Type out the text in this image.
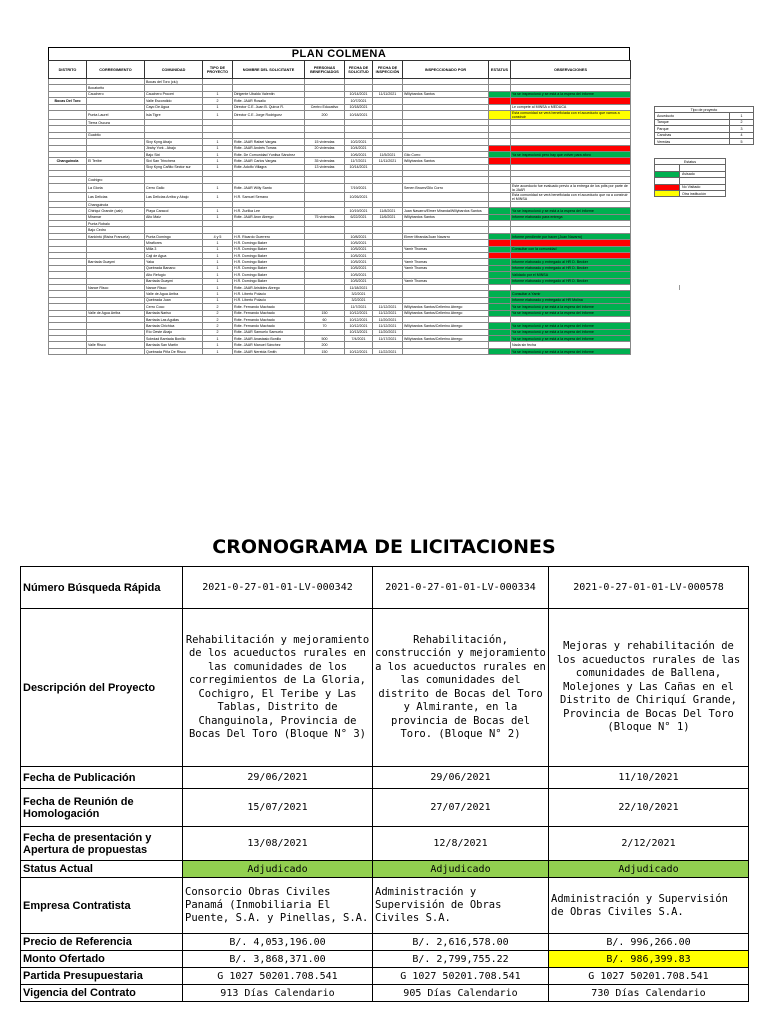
PLAN COLMENA
DISTRITO	CORREGIMIENTO	COMUNIDAD	TIPO DE PROYECTO	NOMBRE DEL SOLICITANTE	PERSONAS BENEFICIADOS	FECHA DE SOLICITUD	FECHA DE INSPECCIÓN	INSPECCIONADO POR	ESTATUS	OBSERVACIONES
		Bocas del Toro (ciu)								
	Bocatorito									
	Cauchero	Cauchero Proceri	1	Dirigente Ubaldo Valentin		10/14/2021	11/11/2021	Willybardos Santos		Ya se inspeccionó y se está a la espera del informe
Bocas Del Toro		Valle Escondido	2	Rdte. JAAR Rosalio		10/7/2021				
		Cayo De Agua	1	Director C.E. Juan B. Quiroz R.	Centro Educativo	10/18/2021				Le compete al MINSA o MEDUCA
	Punta Laurel	Isla Tigre	1	Director C.E. Jorge Rodriguez	200	10/18/2021				Esta comunidad se verá beneficiada con el acueducto que vamos a construir
	Tierra Oscura									

	Guabito									
		Sixy Kyng Abajo	1	Rdte. JAAR Rafael Vargas	15 viviendas	10/2/2021				
		Jirahy York - Abajo	1	Rdte. JAAR Andrés Tomas	20 viviendas	10/4/2021				
		Bajo Sixi	1	Rdte. De Comunidad Yunilsa Sánchez		10/6/2021	11/5/2021	Gilo Corro		Ya se inspeccionó pero hay que volver para aforo
Changuinola	El Teribe	Sixi San Trinchera	1	Rdte. JAAR Carlos Vargas	35 viviendas	11/7/2021	11/11/2021	Willybardos Santos		
		Sixy Kyng Cañito Sector sur	1	Rdte. Adolfo Villagra	13 viviendas	10/14/2021				

	Cochigro									
	La Gloria	Cerro Gallo	1	Rdte. JAAR Willy Santo		7/19/2021		Senen Brown/Gilo Corro		Este acueducto fue evaluado previo a la entrega de los pdts por parte de la JAAR
	Las Delicias	Las Delicias Arriba y Abajo	1	H.R. Samuel Serrano		10/26/2021				Esta comunidad se verá beneficiada con el acueducto que va a construir el MINSA
	Changuinola									
	Chiriquí Grande (cab)	Playa Caracol	1	H.R. Zurilka Lee		10/19/2021	11/8/2021	Juan Navarro/Elmer Miranda/Willybardos Santos		Ya se inspeccionó y se está a la espera del informe
	Miramar	Alto Maíz	1	Rdte. JAAR Aron Abrego	75 viviendas	6/22/2021	11/6/2021	Willybardos Santos		Informe elaborado para entrega
	Punta Robalo									
	Bajo Cedro									
	Kankintú (Bisira Franuela)	Punta Domingo	4 y 5	H.R. Ricardo Guerrero		10/8/2021		Elmer Miranda/Juan Navarro		Informe pendiente por hacer (Juan Navarro)
		Miraflores	1	H.R. Domingo Baker		10/5/2021				
		Milla 3	1	H.R. Domingo Baker		10/5/2021		Yamir Thomas		Consultar con la comunidad
		Caji de Agua	1	H.R. Domingo Baker		10/5/2021				
	Barriada Guaymí	Yaka	1	H.R. Domingo Baker		10/5/2021		Yamir Thomas		Informe elaborado y entregado al HR D. Becker
		Quebrada Banano	1	H.R. Domingo Baker		10/5/2021		Yamir Thomas		Informe elaborado y entregado al HR D. Becker
		Alto Refugio	1	H.R. Domingo Baker		10/5/2021				Validado por el MINSA
		Barriada Guaymí	1	H.R. Domingo Baker		10/5/2021		Yamir Thomas		Informe elaborado y entregado al HR D. Becker
	Nance Risco	Nance Risco	1	Rdte. JAAR Aristides Abrego		11/18/2021				
		Valle de Agua Arriba	1	H.R. Liberto Polacio		3/2/2021				Consultar a Yamir
		Quebrada Juan	1	H.R. Liberto Polacio		3/2/2021				Informe elaborado y entregado al HR Molina
		Cerro Coco	2	Rdte. Fernando Machado		11/7/2021	11/12/2021	Willybardos Santos/Cellerino Abrego		Ya se inspeccionó y se está a la espera del informe
	Valle de Agua Arriba	Barriada Nariso	2	Rdte. Fernando Machado	150	10/12/2021	11/12/2021	Willybardos Santos/Cellerino Abrego		Ya se inspeccionó y se está a la espera del informe
		Barriada Las Aguilas	2	Rdte. Fernando Machado	60	10/12/2021	11/20/2021			
		Barriada Chichica	2	Rdte. Fernando Machado	70	10/12/2021	11/12/2021	Willybardos Santos/Cellerino Abrego		Ya se inspeccionó y se está a la espera del informe
		Río Oeste Abajo	2	Rdte. JAAR Samuelo Samuelo		10/13/2021	11/20/2021			Ya se inspeccionó y se está a la espera del informe
		Soledad Barriada Bonillo	1	Rdte. JAAR Anastasio Bonillo	500	7/4/2021	11/17/2021	Willybardos Santos/Cellerino Abrego		Ya se inspeccionó y se está a la espera del informe
	Valle Risco	Barriada San Martín	1	Rdte. JAAR Manuel Sánchez	200					Nada sin fecha
		Quebrada Piña De Risco	1	Rdte. JAAR Nereida Smith	150	10/12/2021	11/22/2021			Ya se inspeccionó y se está a la espera del informe
Tipo de proyecto	
Acueducto	1
Tanque	2
Parque	3
Canchas	4
Veredas	5
Estatus	

	Avisado

	No Visitado
	Otra institución
|
CRONOGRAMA DE LICITACIONES
Número Búsqueda Rápida	2021-0-27-01-01-LV-000342	2021-0-27-01-01-LV-000334	2021-0-27-01-01-LV-000578
Descripción del Proyecto	Rehabilitación y mejoramiento de los acueductos rurales en las comunidades de los corregimientos de La Gloria, Cochigro, El Teribe y Las Tablas, Distrito de Changuinola, Provincia de Bocas Del Toro (Bloque N° 3)	Rehabilitación, construcción y mejoramiento a los acueductos rurales en las comunidades del distrito de Bocas del Toro y Almirante, en la provincia de Bocas del Toro. (Bloque N° 2)	Mejoras y rehabilitación de los acueductos rurales de las comunidades de Ballena, Molejones y Las Cañas en el Distrito de Chiriquí Grande, Provincia de Bocas Del Toro (Bloque N° 1)
Fecha de Publicación	29/06/2021	29/06/2021	11/10/2021
Fecha de Reunión de Homologación	15/07/2021	27/07/2021	22/10/2021
Fecha de presentación y Apertura de propuestas	13/08/2021	12/8/2021	2/12/2021
Status Actual	Adjudicado	Adjudicado	Adjudicado
Empresa Contratista	Consorcio Obras Civiles Panamá (Inmobiliaria El Puente, S.A. y Pinellas, S.A.	Administración y Supervisión de Obras Civiles S.A.	Administración y Supervisión de Obras Civiles S.A.
Precio de Referencia	B/. 4,053,196.00	B/. 2,616,578.00	B/. 996,266.00
Monto Ofertado	B/. 3,868,371.00	B/. 2,799,755.22	B/. 986,399.83
Partida Presupuestaria	G 1027 50201.708.541	G 1027 50201.708.541	G 1027 50201.708.541
Vigencia del Contrato	913 Días Calendario	905 Días Calendario	730 Días Calendario
